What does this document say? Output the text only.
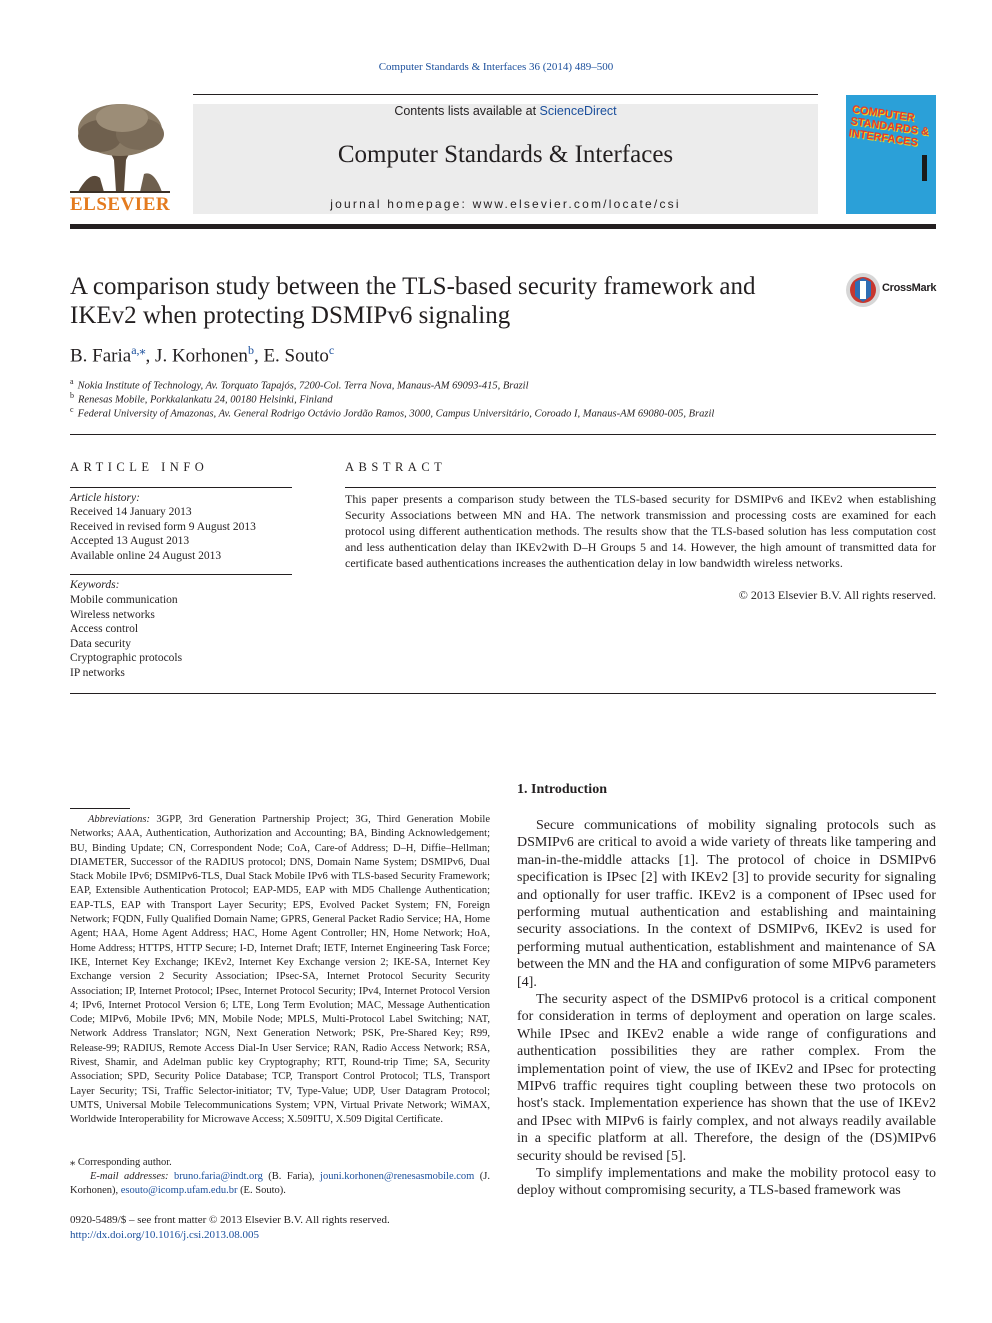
Computer Standards & Interfaces 36 (2014) 489–500
Contents lists available at ScienceDirect
Computer Standards & Interfaces
journal homepage: www.elsevier.com/locate/csi
ELSEVIER
COMPUTER STANDARDS & INTERFACES
A comparison study between the TLS-based security framework and IKEv2 when protecting DSMIPv6 signaling
CrossMark
B. Faria$^{a,⁎}$, J. Korhonen$^b$, E. Souto$^c$
$^a$ Nokia Institute of Technology, Av. Torquato Tapajós, 7200-Col. Terra Nova, Manaus-AM 69093-415, Brazil
$^b$ Renesas Mobile, Porkkalankatu 24, 00180 Helsinki, Finland
$^c$ Federal University of Amazonas, Av. General Rodrigo Octávio Jordão Ramos, 3000, Campus Universitário, Coroado I, Manaus-AM 69080-005, Brazil
ARTICLE INFO
Article history:
Received 14 January 2013
Received in revised form 9 August 2013
Accepted 13 August 2013
Available online 24 August 2013
Keywords:
Mobile communication
Wireless networks
Access control
Data security
Cryptographic protocols
IP networks
ABSTRACT
This paper presents a comparison study between the TLS-based security for DSMIPv6 and IKEv2 when establishing Security Associations between MN and HA. The network transmission and processing costs are examined for each protocol using different authentication methods. The results show that the TLS-based solution has less computation cost and less authentication delay than IKEv2with D–H Groups 5 and 14. However, the high amount of transmitted data for certificate based authentications increases the authentication delay in low bandwidth wireless networks.
© 2013 Elsevier B.V. All rights reserved.
Abbreviations: 3GPP, 3rd Generation Partnership Project; 3G, Third Generation Mobile Networks; AAA, Authentication, Authorization and Accounting; BA, Binding Acknowledgement; BU, Binding Update; CN, Correspondent Node; CoA, Care-of Address; D–H, Diffie–Hellman; DIAMETER, Successor of the RADIUS protocol; DNS, Domain Name System; DSMIPv6, Dual Stack Mobile IPv6; DSMIPv6-TLS, Dual Stack Mobile IPv6 with TLS-based Security Framework; EAP, Extensible Authentication Protocol; EAP-MD5, EAP with MD5 Challenge Authentication; EAP-TLS, EAP with Transport Layer Security; EPS, Evolved Packet System; FN, Foreign Network; FQDN, Fully Qualified Domain Name; GPRS, General Packet Radio Service; HA, Home Agent; HAA, Home Agent Address; HAC, Home Agent Controller; HN, Home Network; HoA, Home Address; HTTPS, HTTP Secure; I-D, Internet Draft; IETF, Internet Engineering Task Force; IKE, Internet Key Exchange; IKEv2, Internet Key Exchange version 2; IKE-SA, Internet Key Exchange version 2 Security Association; IPsec-SA, Internet Protocol Security Security Association; IP, Internet Protocol; IPsec, Internet Protocol Security; IPv4, Internet Protocol Version 4; IPv6, Internet Protocol Version 6; LTE, Long Term Evolution; MAC, Message Authentication Code; MIPv6, Mobile IPv6; MN, Mobile Node; MPLS, Multi-Protocol Label Switching; NAT, Network Address Translator; NGN, Next Generation Network; PSK, Pre-Shared Key; R99, Release-99; RADIUS, Remote Access Dial-In User Service; RAN, Radio Access Network; RSA, Rivest, Shamir, and Adelman public key Cryptography; RTT, Round-trip Time; SA, Security Association; SPD, Security Police Database; TCP, Transport Control Protocol; TLS, Transport Layer Security; TSi, Traffic Selector-initiator; TV, Type-Value; UDP, User Datagram Protocol; UMTS, Universal Mobile Telecommunications System; VPN, Virtual Private Network; WiMAX, Worldwide Interoperability for Microwave Access; X.509ITU, X.509 Digital Certificate.
⁎ Corresponding author.
E-mail addresses: bruno.faria@indt.org (B. Faria), jouni.korhonen@renesasmobile.com (J. Korhonen), esouto@icomp.ufam.edu.br (E. Souto).
0920-5489/$ – see front matter © 2013 Elsevier B.V. All rights reserved.
http://dx.doi.org/10.1016/j.csi.2013.08.005
1. Introduction
Secure communications of mobility signaling protocols such as DSMIPv6 are critical to avoid a wide variety of threats like tampering and man-in-the-middle attacks [1]. The protocol of choice in DSMIPv6 specification is IPsec [2] with IKEv2 [3] to provide security for signaling and optionally for user traffic. IKEv2 is a component of IPsec used for performing mutual authentication and establishing and maintaining security associations. In the context of DSMIPv6, IKEv2 is used for performing mutual authentication, establishment and maintenance of SA between the MN and the HA and configuration of some MIPv6 parameters [4].
The security aspect of the DSMIPv6 protocol is a critical component for consideration in terms of deployment and operation on large scales. While IPsec and IKEv2 enable a wide range of configurations and authentication possibilities they are rather complex. From the implementation point of view, the use of IKEv2 and IPsec for protecting MIPv6 traffic requires tight coupling between these two protocols on host's stack. Implementation experience has shown that the use of IKEv2 and IPsec with MIPv6 is fairly complex, and not always readily available in a specific platform at all. Therefore, the design of the (DS)MIPv6 security should be revised [5].
To simplify implementations and make the mobility protocol easy to deploy without compromising security, a TLS-based framework was
